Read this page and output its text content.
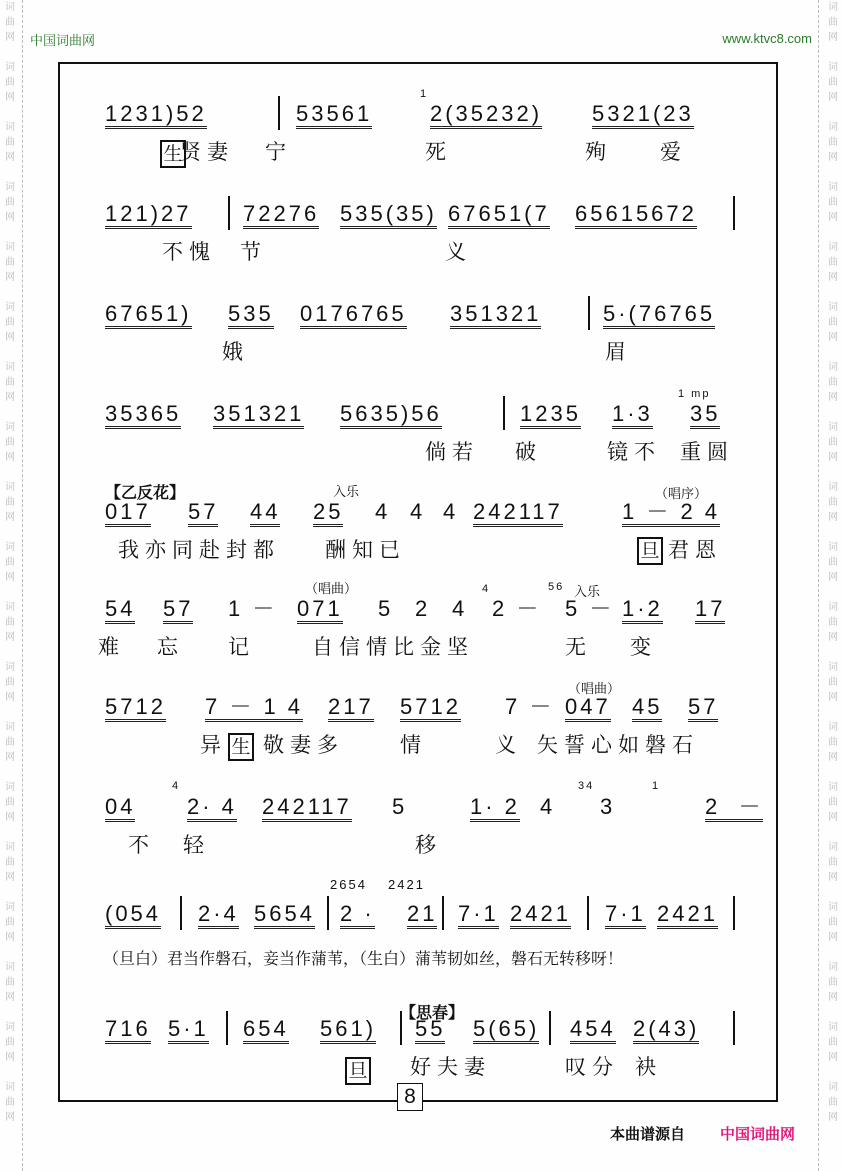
词
曲
网
词
曲
网
词
曲
网
词
曲
网
词
曲
网
词
曲
网
词
曲
网
词
曲
网
词
曲
网
词
曲
网
词
曲
网
词
曲
网
词
曲
网
词
曲
网
词
曲
网
词
曲
网
词
曲
网
词
曲
网
词
曲
网
词
曲
网
词
曲
网
词
曲
网
词
曲
网
词
曲
网
词
曲
网
词
曲
网
词
曲
网
词
曲
网
词
曲
网
词
曲
网
词
曲
网
词
曲
网
词
曲
网
词
曲
网
词
曲
网
词
曲
网
词
曲
网
词
曲
网
中国词曲网	www.ktvc8.com
1231)52	53561	2(35232) 5321(23
1
贤妻 宁	死	殉 爱
生
121)27 72276 535(35) 67651(7 65615672
不愧 节	义
67651) 535 0176765 351321	5·(76765
娥	眉
35365 351321 5635)56	1235 1·3 35
1 mp
倘若 破	镜不 重圆
017 57 44 25 4 4 4 242117	1 － 2 4
我亦同赴封都 酬知已	君恩
旦
【乙反花】	入乐	（唱序）
54 57 1 － 071 5 2 4 2 － 5 － 1·2 17
4	56
难 忘 记	自信情比金坚	无 变
（唱曲）	入乐
5712 7 － 1 4 217 5712 7 － 047 45 57
异 敬妻多	情	义 矢誓心如磐石
生
（唱曲）
04 2· 4 242117 5	1· 2 4 3	2  －
4	34	1
不 轻	移
(054 2·4 5654 2 · 21 7·1 2421 7·1 2421
2654 2421
716 5·1 654 561) 55 5(65) 454 2(43)
好夫妻	叹分 袂
旦
【思春】
（旦白）君当作磐石，妾当作蒲苇，（生白）蒲苇韧如丝，磐石无转移呀！
8
本曲谱源自 中国词曲网
